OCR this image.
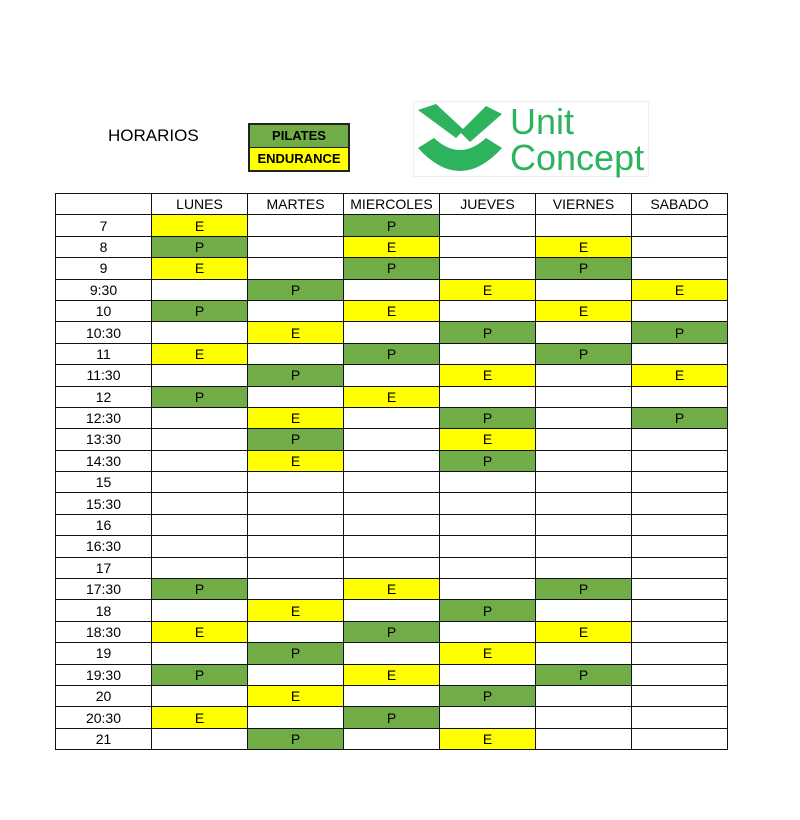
HORARIOS	PILATES
ENDURANCE
Unit
Concept
	LUNES	MARTES	MIERCOLES	JUEVES	VIERNES	SABADO
7	E		P			
8	P		E		E	
9	E		P		P	
9:30		P		E		E
10	P		E		E	
10:30		E		P		P
11	E		P		P	
11:30		P		E		E
12	P		E			
12:30		E		P		P
13:30		P		E		
14:30		E		P		
15						
15:30						
16						
16:30						
17						
17:30	P		E		P	
18		E		P		
18:30	E		P		E	
19		P		E		
19:30	P		E		P	
20		E		P		
20:30	E		P			
21		P		E		
